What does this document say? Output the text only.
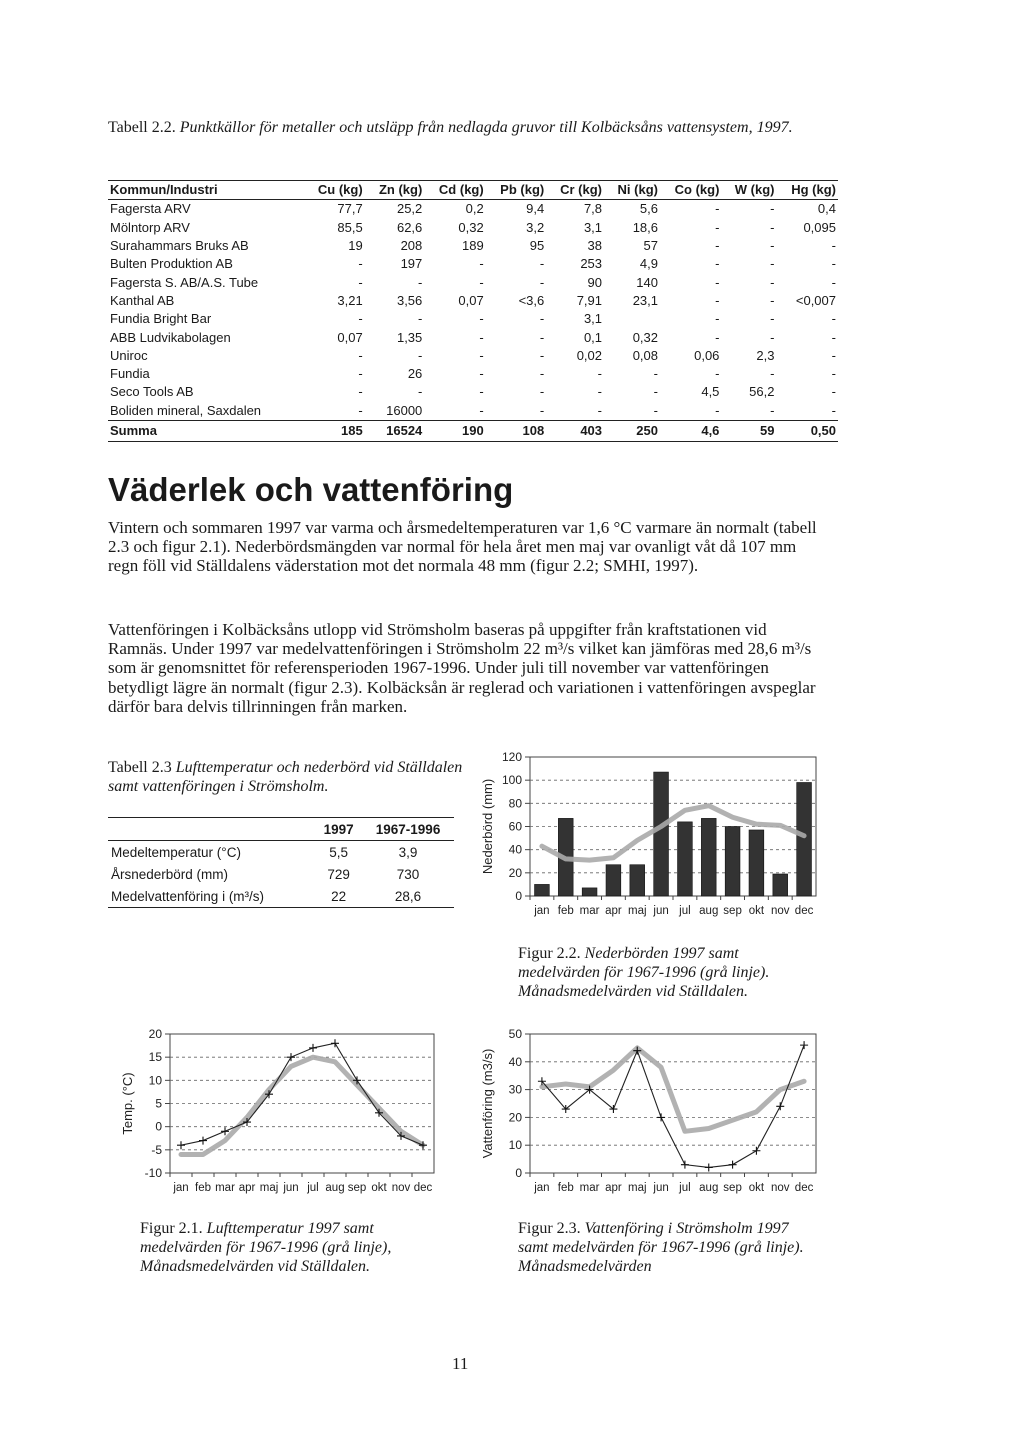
Tabell 2.2. Punktkällor för metaller och utsläpp från nedlagda gruvor till Kolbäcksåns vattensystem, 1997.
Kommun/Industri	Cu (kg)	Zn (kg)	Cd (kg)	Pb (kg)	Cr (kg)	Ni (kg)	Co (kg)	W (kg)	Hg (kg)
Fagersta ARV	77,7	25,2	0,2	9,4	7,8	5,6	-	-	0,4
Mölntorp ARV	85,5	62,6	0,32	3,2	3,1	18,6	-	-	0,095
Surahammars Bruks AB	19	208	189	95	38	57	-	-	-
Bulten Produktion AB	-	197	-	-	253	4,9	-	-	-
Fagersta S. AB/A.S. Tube	-	-	-	-	90	140	-	-	-
Kanthal AB	3,21	3,56	0,07	<3,6	7,91	23,1	-	-	<0,007
Fundia Bright Bar	-	-	-	-	3,1		-	-	-
ABB Ludvikabolagen	0,07	1,35	-	-	0,1	0,32	-	-	-
Uniroc	-	-	-	-	0,02	0,08	0,06	2,3	-
Fundia	-	26	-	-	-	-	-	-	-
Seco Tools AB	-	-	-	-	-	-	4,5	56,2	-
Boliden mineral, Saxdalen	-	16000	-	-	-	-	-	-	-
Summa	185	16524	190	108	403	250	4,6	59	0,50
Väderlek och vattenföring
Vintern och sommaren 1997 var varma och årsmedeltemperaturen var 1,6 °C varmare än normalt (tabell 2.3 och figur 2.1). Nederbördsmängden var normal för hela året men maj var ovanligt våt då 107 mm regn föll vid Ställdalens väderstation mot det normala 48 mm (figur 2.2; SMHI, 1997).
Vattenföringen i Kolbäcksåns utlopp vid Strömsholm baseras på uppgifter från kraftstationen vid Ramnäs. Under 1997 var medelvattenföringen i Strömsholm 22 m³/s vilket kan jämföras med 28,6 m³/s som är genomsnittet för referensperioden 1967-1996. Under juli till november var vattenföringen betydligt lägre än normalt (figur 2.3). Kolbäcksån är reglerad och variationen i vattenföringen avspeglar därför bara delvis tillrinningen från marken.
Tabell 2.3 Lufttemperatur och nederbörd vid Ställdalen samt vattenföringen i Strömsholm.
	1997	1967-1996
Medeltemperatur (°C)	5,5	3,9
Årsnederbörd (mm)	729	730
Medelvattenföring i (m³/s)	22	28,6	0
20
40
60
80
100
120
jan feb mar apr maj jun jul aug sep okt nov dec
Nederbörd (mm)
Figur 2.2. Nederbörden 1997 samt medelvärden för 1967-1996 (grå linje). Månadsmedelvärden vid Ställdalen.
-10
-5
0
5
10
15
20
jan feb mar apr maj jun jul aug sep okt nov dec
Temp. (°C)
Figur 2.1. Lufttemperatur 1997 samt medelvärden för 1967-1996 (grå linje), Månadsmedelvärden vid Ställdalen.
0
10
20
30
40
50
jan feb mar apr maj jun jul aug sep okt nov dec
Vattenföring (m3/s)
Figur 2.3. Vattenföring i Strömsholm 1997 samt medelvärden för 1967-1996 (grå linje). Månadsmedelvärden
11
